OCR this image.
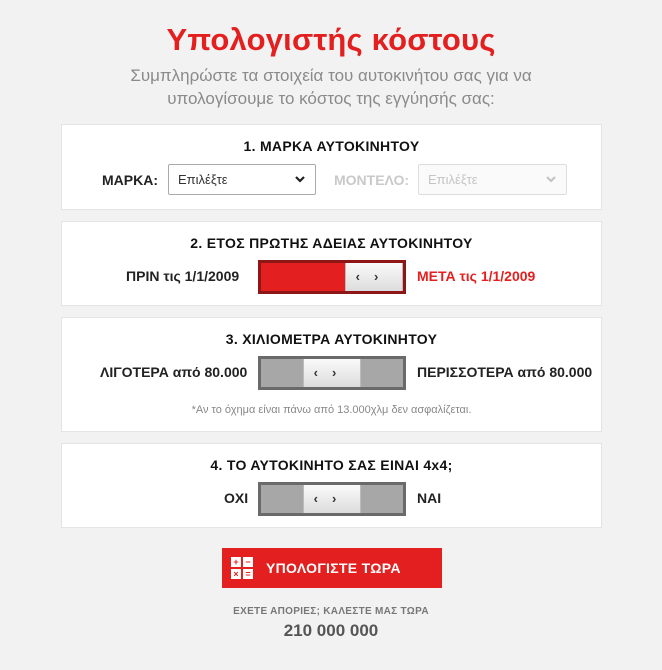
Υπολογιστής κόστους
Συμπληρώστε τα στοιχεία του αυτοκινήτου σας για να
υπολογίσουμε το κόστος της εγγύησής σας:
1. ΜΑΡΚΑ ΑΥΤΟΚΙΝΗΤΟΥ
ΜΑΡΚΑ: Επιλέξτε	ΜΟΝΤΕΛΟ: Επιλέξτε
2. ΕΤΟΣ ΠΡΩΤΗΣ ΑΔΕΙΑΣ ΑΥΤΟΚΙΝΗΤΟΥ
ΠΡΙΝ τις 1/1/2009	‹›	ΜΕΤΑ τις 1/1/2009
3. ΧΙΛΙΟΜΕΤΡΑ ΑΥΤΟΚΙΝΗΤΟΥ
ΛΙΓΟΤΕΡΑ από 80.000	‹›	ΠΕΡΙΣΣΟΤΕΡΑ από 80.000
*Αν το όχημα είναι πάνω από 13.000χλμ δεν ασφαλίζεται.
4. ΤΟ ΑΥΤΟΚΙΝΗΤΟ ΣΑΣ ΕΙΝΑΙ 4x4;
ΟΧΙ	‹›	ΝΑΙ
+ −
× = ΥΠΟΛΟΓΙΣΤΕ ΤΩΡΑ
ΕΧΕΤΕ ΑΠΟΡΙΕΣ; ΚΑΛΕΣΤΕ ΜΑΣ ΤΩΡΑ
210 000 000
